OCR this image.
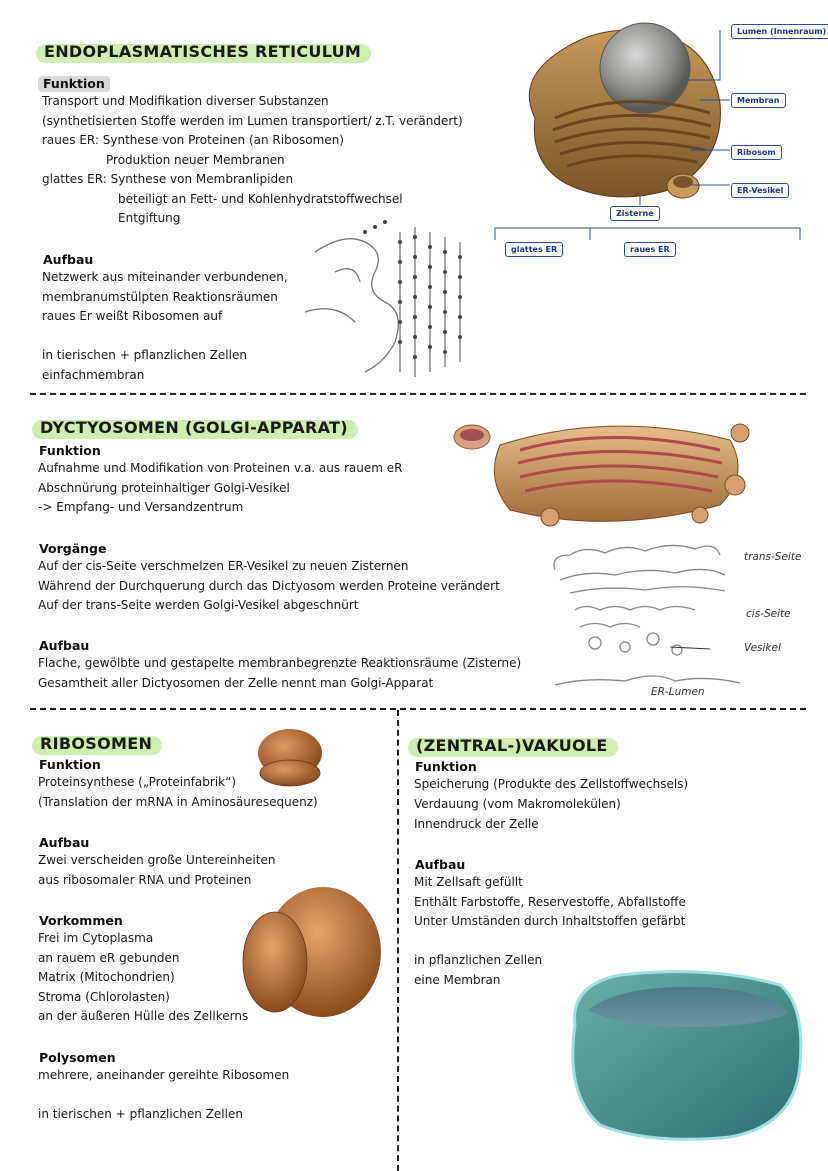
ENDOPLASMATISCHES RETICULUM
Funktion
Transport und Modifikation diverser Substanzen
(synthetisierten Stoffe werden im Lumen transportiert/ z.T. verändert)
raues ER: Synthese von Proteinen (an Ribosomen)
Produktion neuer Membranen
glattes ER: Synthese von Membranlipiden
beteiligt an Fett- und Kohlenhydratstoffwechsel
Entgiftung
Aufbau
Netzwerk aus miteinander verbundenen,
membranumstülpten Reaktionsräumen
raues Er weißt Ribosomen auf
in tierischen + pflanzlichen Zellen
einfachmembran
Lumen (Innenraum)
Membran
Ribosom
ER-Vesikel
Zisterne
glattes ER	raues ER
DYCTYOSOMEN (GOLGI-APPARAT)
Funktion
Aufnahme und Modifikation von Proteinen v.a. aus rauem eR
Abschnürung proteinhaltiger Golgi-Vesikel
-> Empfang- und Versandzentrum
Vorgänge
Auf der cis-Seite verschmelzen ER-Vesikel zu neuen Zisternen
Während der Durchquerung durch das Dictyosom werden Proteine verändert
Auf der trans-Seite werden Golgi-Vesikel abgeschnürt
Aufbau
Flache, gewölbte und gestapelte membranbegrenzte Reaktionsräume (Zisterne)
Gesamtheit aller Dictyosomen der Zelle nennt man Golgi-Apparat
trans-Seite
cis-Seite
Vesikel
ER-Lumen
RIBOSOMEN
Funktion
Proteinsynthese („Proteinfabrik“)
(Translation der mRNA in Aminosäuresequenz)
Aufbau
Zwei verscheiden große Untereinheiten
aus ribosomaler RNA und Proteinen
Vorkommen
Frei im Cytoplasma
an rauem eR gebunden
Matrix (Mitochondrien)
Stroma (Chlorolasten)
an der äußeren Hülle des Zellkerns
Polysomen
mehrere, aneinander gereihte Ribosomen
in tierischen + pflanzlichen Zellen
(ZENTRAL-)VAKUOLE
Funktion
Speicherung (Produkte des Zellstoffwechsels)
Verdauung (vom Makromolekülen)
Innendruck der Zelle
Aufbau
Mit Zellsaft gefüllt
Enthält Farbstoffe, Reservestoffe, Abfallstoffe
Unter Umständen durch Inhaltstoffen gefärbt
in pflanzlichen Zellen
eine Membran
